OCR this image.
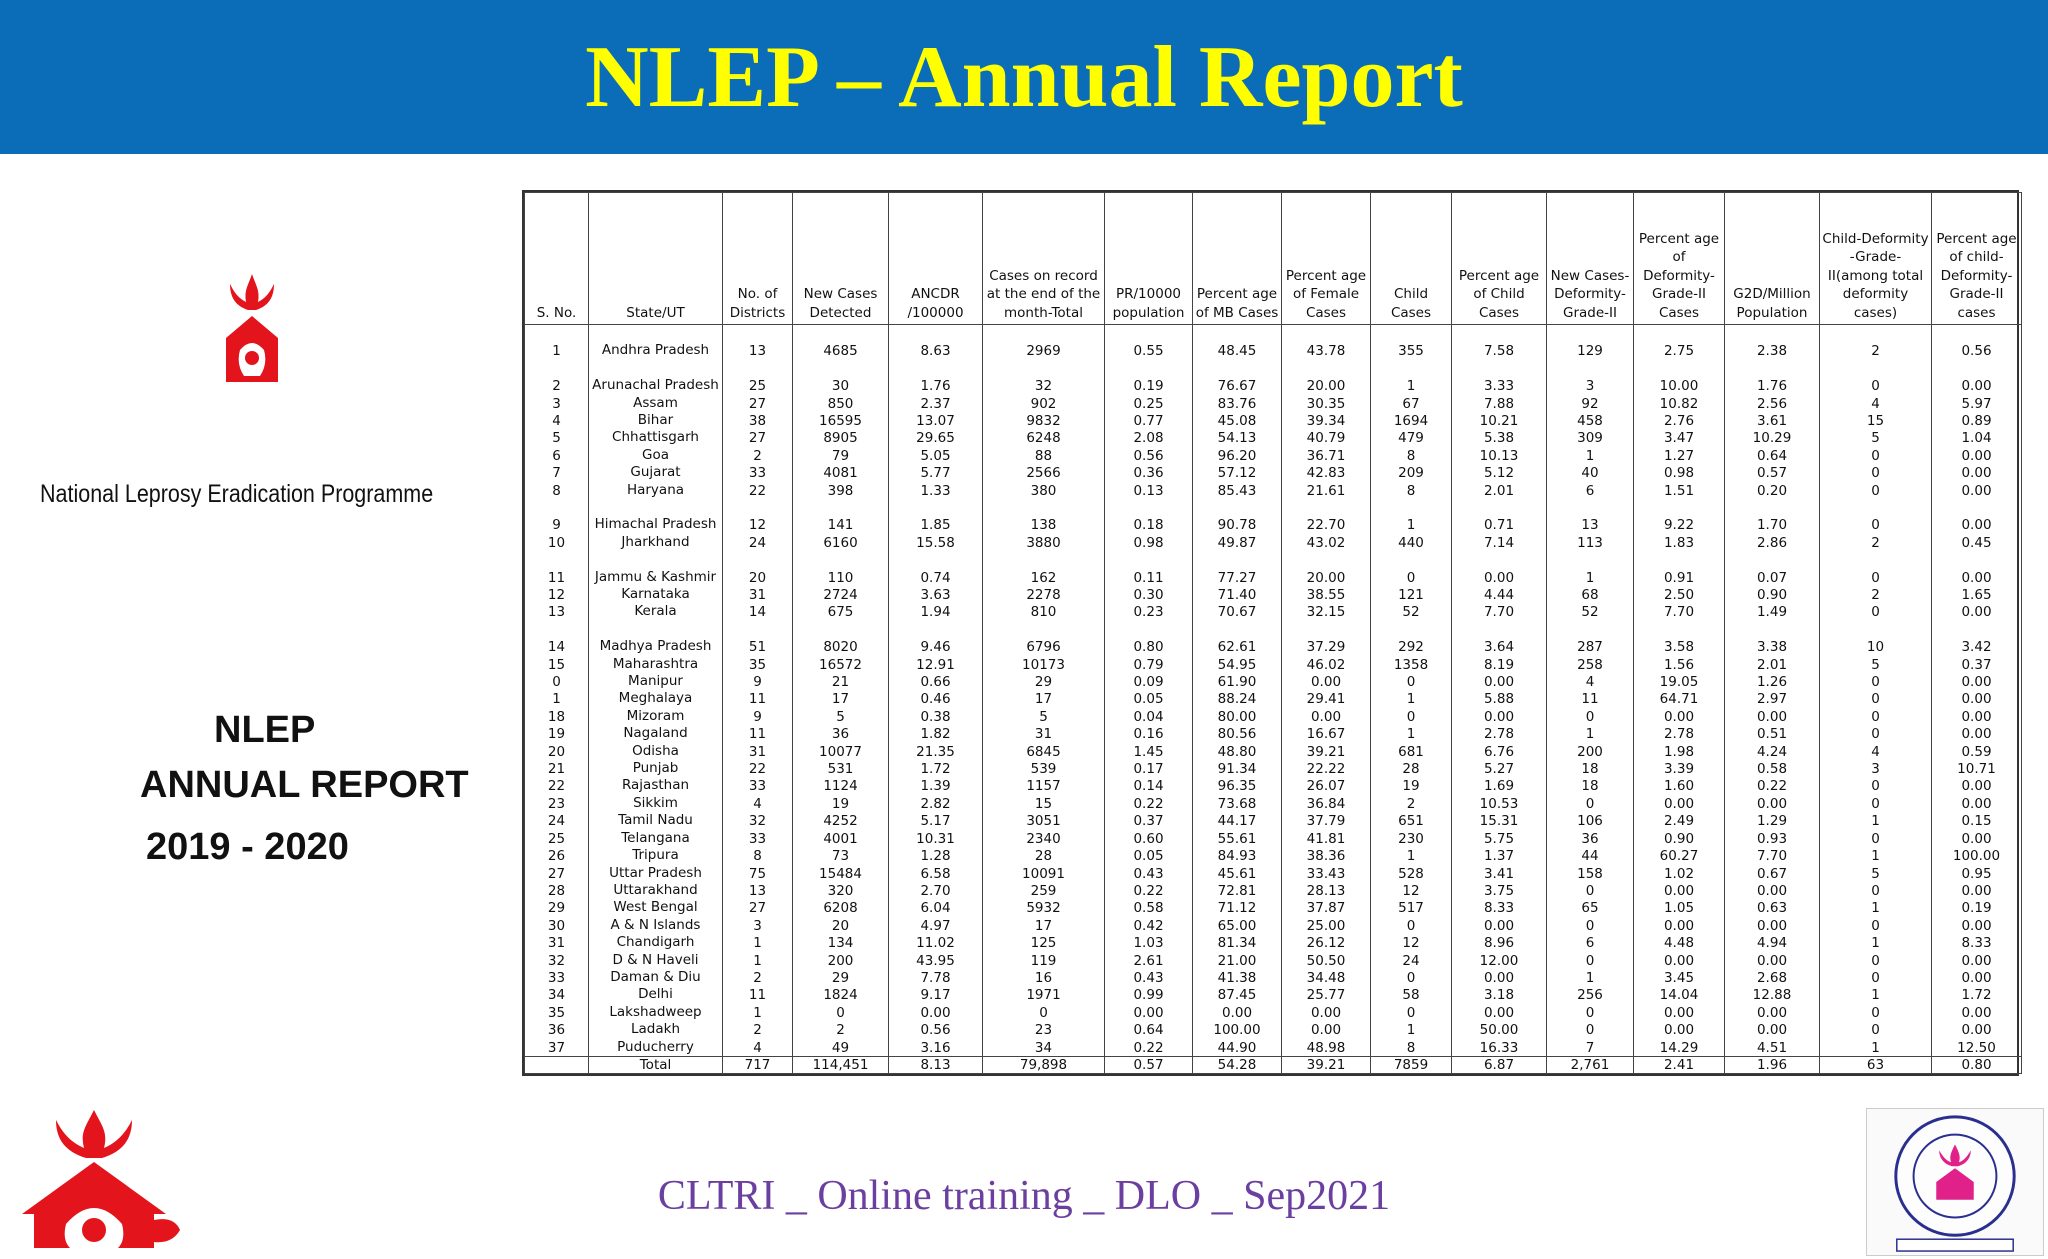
NLEP – Annual Report
National Leprosy Eradication Programme
NLEP
ANNUAL REPORT
2019 - 2020
S. No.	State/UT	No. of Districts	New Cases Detected	ANCDR /100000	Cases on record at the end of the month-Total	PR/10000 population	Percent age of MB Cases	Percent age of Female Cases	Child Cases	Percent age of Child Cases	New Cases-Deformity-Grade-II	Percent age of Deformity-Grade-II Cases	G2D/Million Population	Child-Deformity -Grade-II(among total deformity cases)	Percent age of child-Deformity-Grade-II cases
1	Andhra Pradesh	13	4685	8.63	2969	0.55	48.45	43.78	355	7.58	129	2.75	2.38	2	0.56
2	Arunachal Pradesh	25	30	1.76	32	0.19	76.67	20.00	1	3.33	3	10.00	1.76	0	0.00
3	Assam	27	850	2.37	902	0.25	83.76	30.35	67	7.88	92	10.82	2.56	4	5.97
4	Bihar	38	16595	13.07	9832	0.77	45.08	39.34	1694	10.21	458	2.76	3.61	15	0.89
5	Chhattisgarh	27	8905	29.65	6248	2.08	54.13	40.79	479	5.38	309	3.47	10.29	5	1.04
6	Goa	2	79	5.05	88	0.56	96.20	36.71	8	10.13	1	1.27	0.64	0	0.00
7	Gujarat	33	4081	5.77	2566	0.36	57.12	42.83	209	5.12	40	0.98	0.57	0	0.00
8	Haryana	22	398	1.33	380	0.13	85.43	21.61	8	2.01	6	1.51	0.20	0	0.00
9	Himachal Pradesh	12	141	1.85	138	0.18	90.78	22.70	1	0.71	13	9.22	1.70	0	0.00
10	Jharkhand	24	6160	15.58	3880	0.98	49.87	43.02	440	7.14	113	1.83	2.86	2	0.45
11	Jammu & Kashmir	20	110	0.74	162	0.11	77.27	20.00	0	0.00	1	0.91	0.07	0	0.00
12	Karnataka	31	2724	3.63	2278	0.30	71.40	38.55	121	4.44	68	2.50	0.90	2	1.65
13	Kerala	14	675	1.94	810	0.23	70.67	32.15	52	7.70	52	7.70	1.49	0	0.00
14	Madhya Pradesh	51	8020	9.46	6796	0.80	62.61	37.29	292	3.64	287	3.58	3.38	10	3.42
15	Maharashtra	35	16572	12.91	10173	0.79	54.95	46.02	1358	8.19	258	1.56	2.01	5	0.37
0	Manipur	9	21	0.66	29	0.09	61.90	0.00	0	0.00	4	19.05	1.26	0	0.00
1	Meghalaya	11	17	0.46	17	0.05	88.24	29.41	1	5.88	11	64.71	2.97	0	0.00
18	Mizoram	9	5	0.38	5	0.04	80.00	0.00	0	0.00	0	0.00	0.00	0	0.00
19	Nagaland	11	36	1.82	31	0.16	80.56	16.67	1	2.78	1	2.78	0.51	0	0.00
20	Odisha	31	10077	21.35	6845	1.45	48.80	39.21	681	6.76	200	1.98	4.24	4	0.59
21	Punjab	22	531	1.72	539	0.17	91.34	22.22	28	5.27	18	3.39	0.58	3	10.71
22	Rajasthan	33	1124	1.39	1157	0.14	96.35	26.07	19	1.69	18	1.60	0.22	0	0.00
23	Sikkim	4	19	2.82	15	0.22	73.68	36.84	2	10.53	0	0.00	0.00	0	0.00
24	Tamil Nadu	32	4252	5.17	3051	0.37	44.17	37.79	651	15.31	106	2.49	1.29	1	0.15
25	Telangana	33	4001	10.31	2340	0.60	55.61	41.81	230	5.75	36	0.90	0.93	0	0.00
26	Tripura	8	73	1.28	28	0.05	84.93	38.36	1	1.37	44	60.27	7.70	1	100.00
27	Uttar Pradesh	75	15484	6.58	10091	0.43	45.61	33.43	528	3.41	158	1.02	0.67	5	0.95
28	Uttarakhand	13	320	2.70	259	0.22	72.81	28.13	12	3.75	0	0.00	0.00	0	0.00
29	West Bengal	27	6208	6.04	5932	0.58	71.12	37.87	517	8.33	65	1.05	0.63	1	0.19
30	A & N Islands	3	20	4.97	17	0.42	65.00	25.00	0	0.00	0	0.00	0.00	0	0.00
31	Chandigarh	1	134	11.02	125	1.03	81.34	26.12	12	8.96	6	4.48	4.94	1	8.33
32	D & N Haveli	1	200	43.95	119	2.61	21.00	50.50	24	12.00	0	0.00	0.00	0	0.00
33	Daman & Diu	2	29	7.78	16	0.43	41.38	34.48	0	0.00	1	3.45	2.68	0	0.00
34	Delhi	11	1824	9.17	1971	0.99	87.45	25.77	58	3.18	256	14.04	12.88	1	1.72
35	Lakshadweep	1	0	0.00	0	0.00	0.00	0.00	0	0.00	0	0.00	0.00	0	0.00
36	Ladakh	2	2	0.56	23	0.64	100.00	0.00	1	50.00	0	0.00	0.00	0	0.00
37	Puducherry	4	49	3.16	34	0.22	44.90	48.98	8	16.33	7	14.29	4.51	1	12.50
	Total	717	114,451	8.13	79,898	0.57	54.28	39.21	7859	6.87	2,761	2.41	1.96	63	0.80
CLTRI _ Online training _ DLO _ Sep2021
